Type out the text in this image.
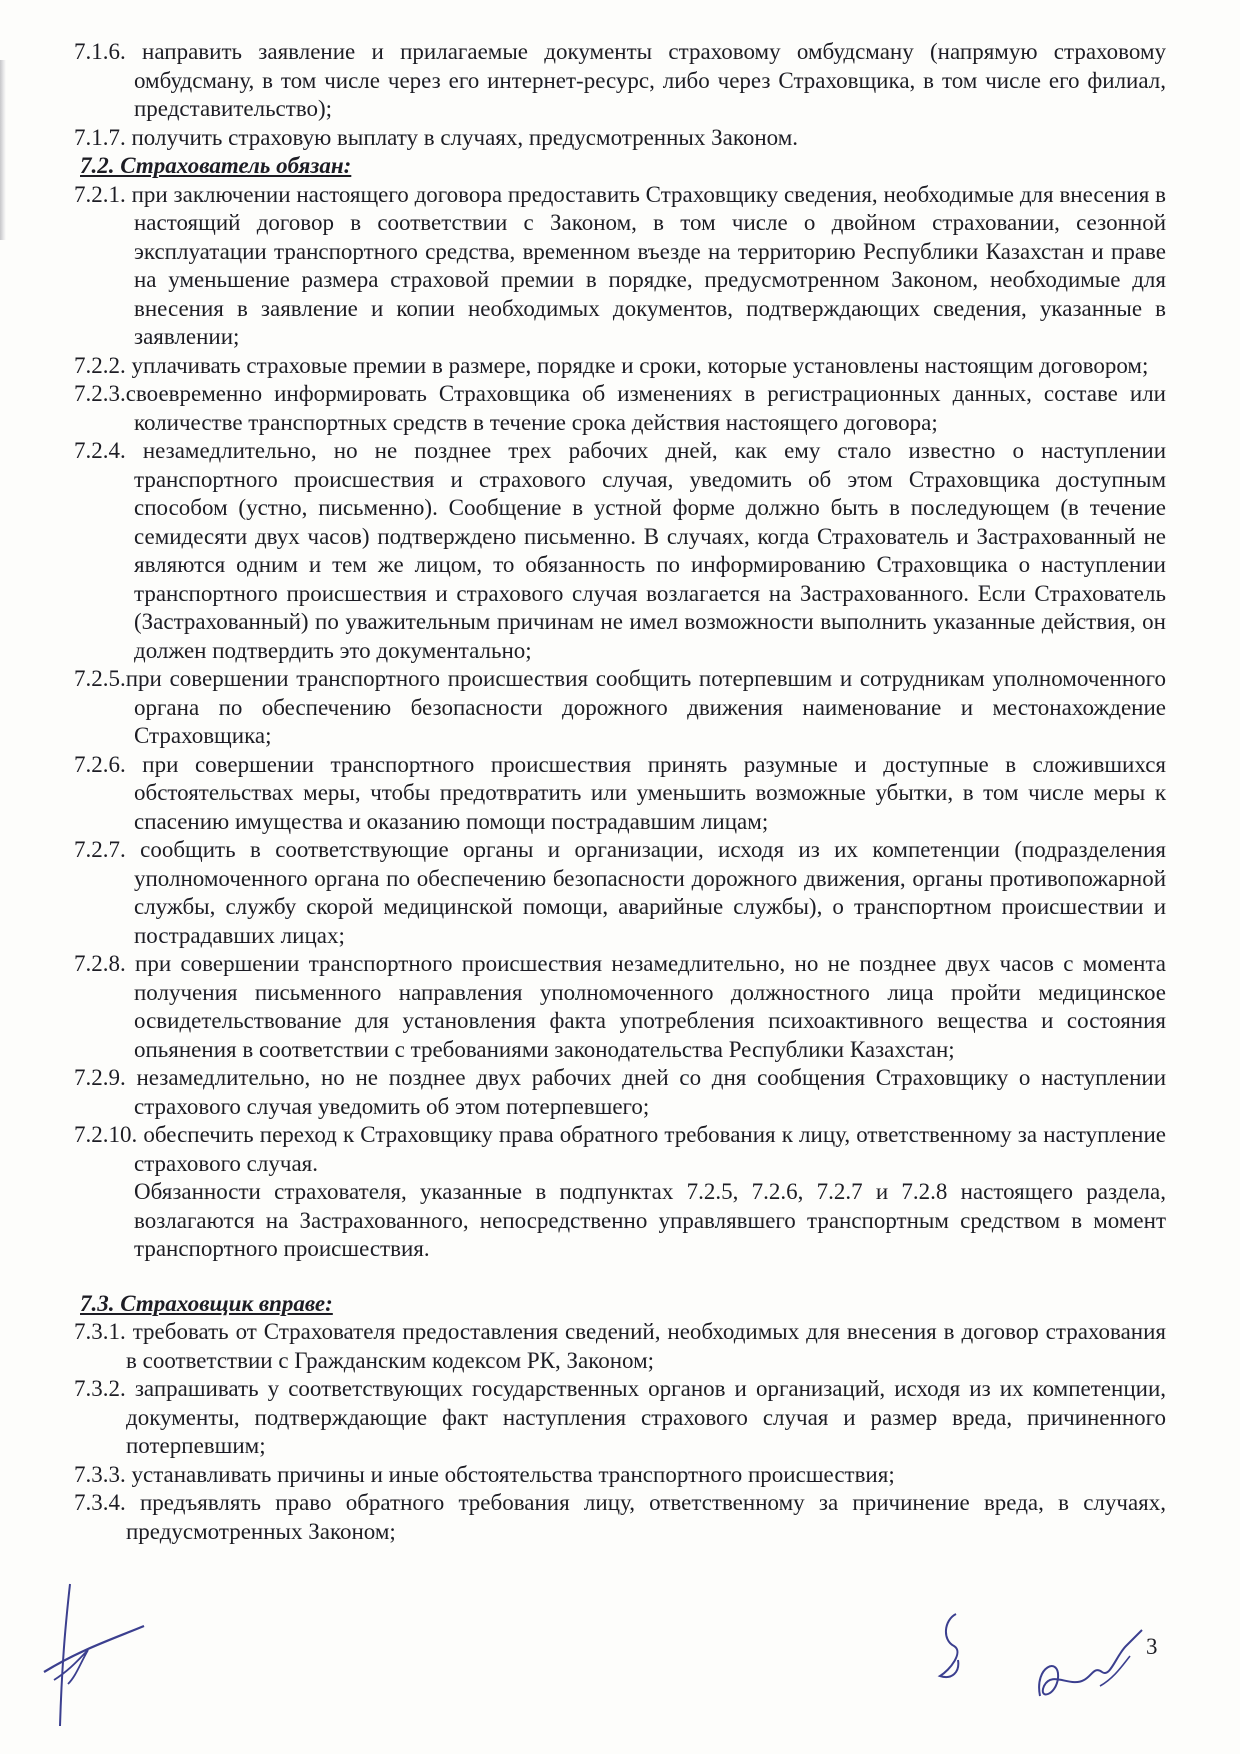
7.1.6. направить заявление и прилагаемые документы страховому омбудсману (напрямую страховому омбудсману, в том числе через его интернет-ресурс, либо через Страховщика, в том числе его филиал, представительство);

7.1.7. получить страховую выплату в случаях, предусмотренных Законом.

7.2. Страхователь обязан:

7.2.1. при заключении настоящего договора предоставить Страховщику сведения, необходимые для внесения в настоящий договор в соответствии с Законом, в том числе о двойном страховании, сезонной эксплуатации транспортного средства, временном въезде на территорию Республики Казахстан и праве на уменьшение размера страховой премии в порядке, предусмотренном Законом, необходимые для внесения в заявление и копии необходимых документов, подтверждающих сведения, указанные в заявлении;

7.2.2. уплачивать страховые премии в размере, порядке и сроки, которые установлены настоящим договором;

7.2.3.своевременно информировать Страховщика об изменениях в регистрационных данных, составе или количестве транспортных средств в течение срока действия настоящего договора;

7.2.4. незамедлительно, но не позднее трех рабочих дней, как ему стало известно о наступлении транспортного происшествия и страхового случая, уведомить об этом Страховщика доступным способом (устно, письменно). Сообщение в устной форме должно быть в последующем (в течение семидесяти двух часов) подтверждено письменно. В случаях, когда Страхователь и Застрахованный не являются одним и тем же лицом, то обязанность по информированию Страховщика о наступлении транспортного происшествия и страхового случая возлагается на Застрахованного. Если Страхователь (Застрахованный) по уважительным причинам не имел возможности выполнить указанные действия, он должен подтвердить это документально;

7.2.5.при совершении транспортного происшествия сообщить потерпевшим и сотрудникам уполномоченного органа по обеспечению безопасности дорожного движения наименование и местонахождение Страховщика;

7.2.6. при совершении транспортного происшествия принять разумные и доступные в сложившихся обстоятельствах меры, чтобы предотвратить или уменьшить возможные убытки, в том числе меры к спасению имущества и оказанию помощи пострадавшим лицам;

7.2.7. сообщить в соответствующие органы и организации, исходя из их компетенции (подразделения уполномоченного органа по обеспечению безопасности дорожного движения, органы противопожарной службы, службу скорой медицинской помощи, аварийные службы), о транспортном происшествии и пострадавших лицах;

7.2.8. при совершении транспортного происшествия незамедлительно, но не позднее двух часов с момента получения письменного направления уполномоченного должностного лица пройти медицинское освидетельствование для установления факта употребления психоактивного вещества и состояния опьянения в соответствии с требованиями законодательства Республики Казахстан;

7.2.9. незамедлительно, но не позднее двух рабочих дней со дня сообщения Страховщику о наступлении страхового случая уведомить об этом потерпевшего;

7.2.10. обеспечить переход к Страховщику права обратного требования к лицу, ответственному за наступление страхового случая.

Обязанности страхователя, указанные в подпунктах 7.2.5, 7.2.6, 7.2.7 и 7.2.8 настоящего раздела, возлагаются на Застрахованного, непосредственно управлявшего транспортным средством в момент транспортного происшествия.

7.3. Страховщик вправе:

7.3.1. требовать от Страхователя предоставления сведений, необходимых для внесения в договор страхования в соответствии с Гражданским кодексом РК, Законом;

7.3.2. запрашивать у соответствующих государственных органов и организаций, исходя из их компетенции, документы, подтверждающие факт наступления страхового случая и размер вреда, причиненного потерпевшим;

7.3.3. устанавливать причины и иные обстоятельства транспортного происшествия;

7.3.4. предъявлять право обратного требования лицу, ответственному за причинение вреда, в случаях, предусмотренных Законом;

3
